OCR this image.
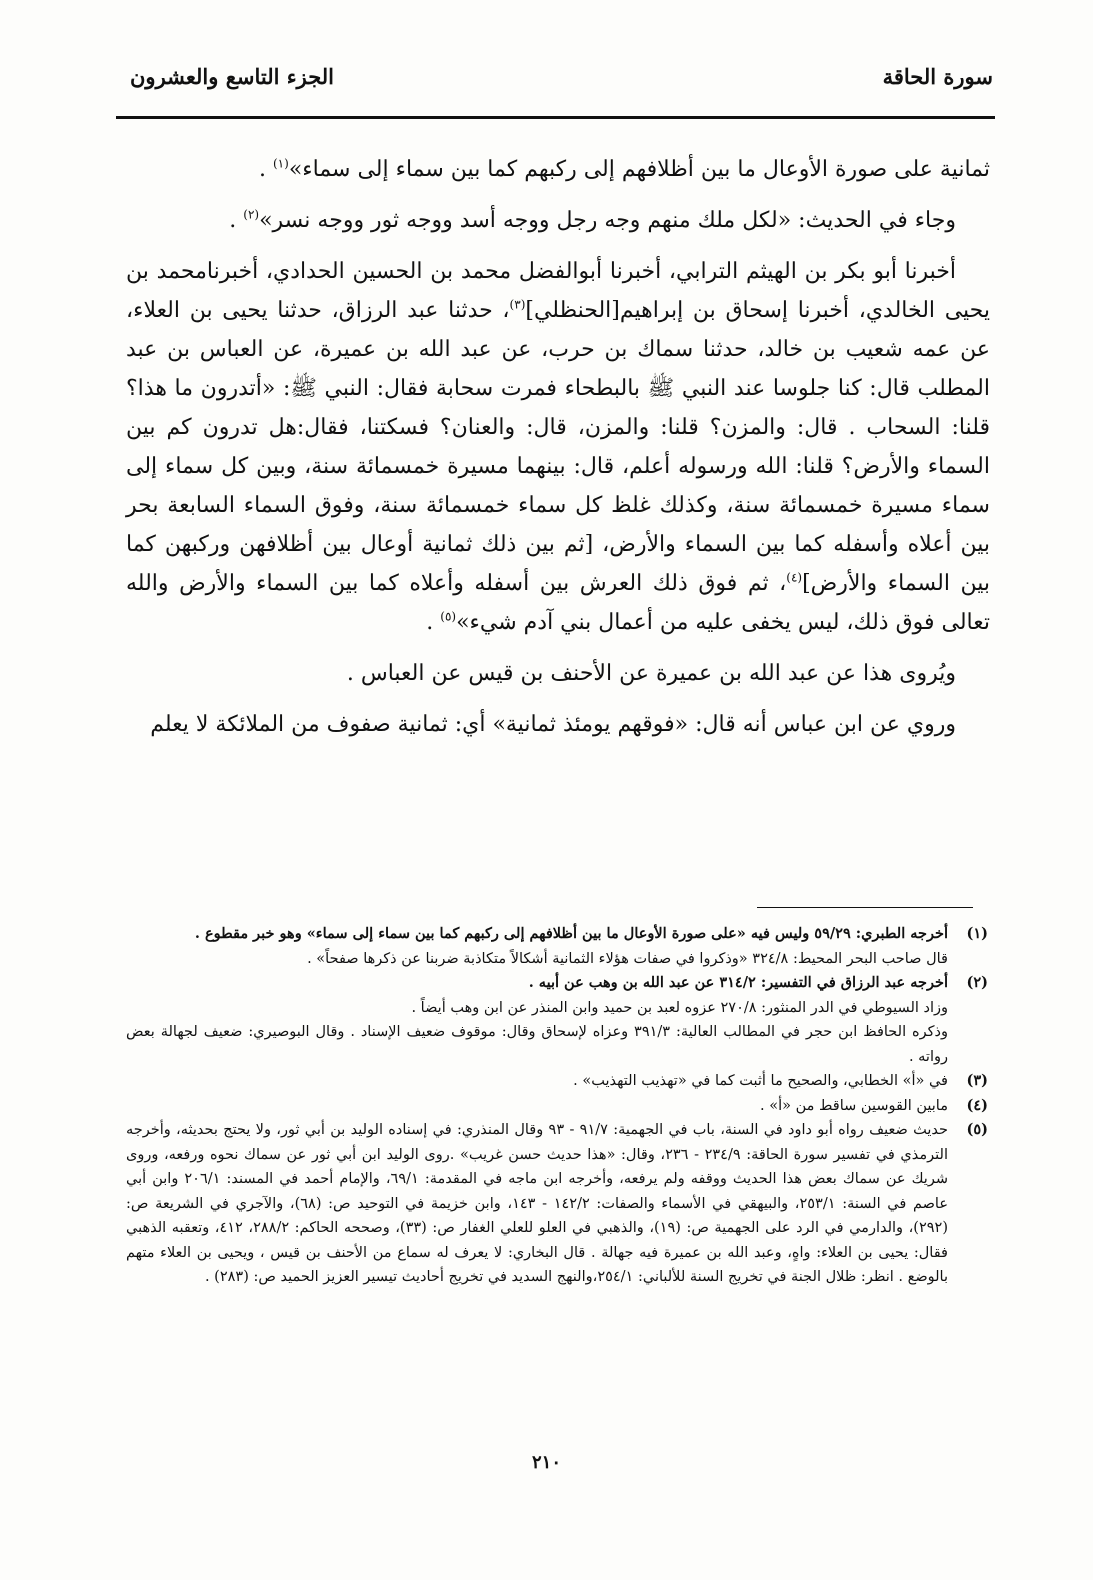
سورة الحاقة
الجزء التاسع والعشرون

ثمانية على صورة الأوعال ما بين أظلافهم إلى ركبهم كما بين سماء إلى سماء»$^{(١)}$ .

وجاء في الحديث: «لكل ملك منهم وجه رجل ووجه أسد ووجه ثور ووجه نسر»$^{(٢)}$ .

أخبرنا أبو بكر بن الهيثم الترابي، أخبرنا أبوالفضل محمد بن الحسين الحدادي، أخبرنامحمد بن يحيى الخالدي، أخبرنا إسحاق بن إبراهيم[الحنظلي]$^{(٣)}$، حدثنا عبد الرزاق، حدثنا يحيى بن العلاء، عن عمه شعيب بن خالد، حدثنا سماك بن حرب، عن عبد الله بن عميرة، عن العباس بن عبد المطلب قال: كنا جلوسا عند النبي ﷺ بالبطحاء فمرت سحابة فقال: النبي ﷺ: «أتدرون ما هذا؟ قلنا: السحاب . قال: والمزن؟ قلنا: والمزن، قال: والعنان؟ فسكتنا، فقال:هل تدرون كم بين السماء والأرض؟ قلنا: الله ورسوله أعلم، قال: بينهما مسيرة خمسمائة سنة، وبين كل سماء إلى سماء مسيرة خمسمائة سنة، وكذلك غلظ كل سماء خمسمائة سنة، وفوق السماء السابعة بحر بين أعلاه وأسفله كما بين السماء والأرض، [ثم بين ذلك ثمانية أوعال بين أظلافهن وركبهن كما بين السماء والأرض]$^{(٤)}$، ثم فوق ذلك العرش بين أسفله وأعلاه كما بين السماء والأرض والله تعالى فوق ذلك، ليس يخفى عليه من أعمال بني آدم شيء»$^{(٥)}$ .

ويُروى هذا عن عبد الله بن عميرة عن الأحنف بن قيس عن العباس .

وروي عن ابن عباس أنه قال: «فوقهم يومئذ ثمانية» أي: ثمانية صفوف من الملائكة لا يعلم

(١)
أخرجه الطبري: ٥٩/٢٩ وليس فيه «على صورة الأوعال ما بين أظلافهم إلى ركبهم كما بين سماء إلى سماء» وهو خبر مقطوع .
قال صاحب البحر المحيط: ٣٢٤/٨ «وذكروا في صفات هؤلاء الثمانية أشكالاً متكاذبة ضربنا عن ذكرها صفحاً» .
(٢)
أخرجه عبد الرزاق في التفسير: ٣١٤/٢ عن عبد الله بن وهب عن أبيه .
وزاد السيوطي في الدر المنثور: ٢٧٠/٨ عزوه لعبد بن حميد وابن المنذر عن ابن وهب أيضاً .
وذكره الحافظ ابن حجر في المطالب العالية: ٣٩١/٣ وعزاه لإسحاق وقال: موقوف ضعيف الإسناد . وقال البوصيري: ضعيف لجهالة بعض رواته .
(٣)
في «أ» الخطابي، والصحيح ما أثبت كما في «تهذيب التهذيب» .
(٤)
مابين القوسين ساقط من «أ» .
(٥)
حديث ضعيف رواه أبو داود في السنة، باب في الجهمية: ٩١/٧ - ٩٣ وقال المنذري: في إسناده الوليد بن أبي ثور، ولا يحتج بحديثه، وأخرجه الترمذي في تفسير سورة الحاقة: ٢٣٤/٩ - ٢٣٦، وقال: «هذا حديث حسن غريب» .روى الوليد ابن أبي ثور عن سماك نحوه ورفعه، وروى شريك عن سماك بعض هذا الحديث ووقفه ولم يرفعه، وأخرجه ابن ماجه في المقدمة: ٦٩/١، والإمام أحمد في المسند: ٢٠٦/١ وابن أبي عاصم في السنة: ٢٥٣/١، والبيهقي في الأسماء والصفات: ١٤٢/٢ - ١٤٣، وابن خزيمة في التوحيد ص: (٦٨)، والآجري في الشريعة ص: (٢٩٢)، والدارمي في الرد على الجهمية ص: (١٩)، والذهبي في العلو للعلي الغفار ص: (٣٣)، وصححه الحاكم: ٢٨٨/٢، ٤١٢، وتعقبه الذهبي فقال: يحيى بن العلاء: واهٍ، وعبد الله بن عميرة فيه جهالة . قال البخاري: لا يعرف له سماع من الأحنف بن قيس ، ويحيى بن العلاء متهم بالوضع . انظر: ظلال الجنة في تخريج السنة للألباني: ٢٥٤/١،والنهج السديد في تخريج أحاديث تيسير العزيز الحميد ص: (٢٨٣) .
٢١٠
